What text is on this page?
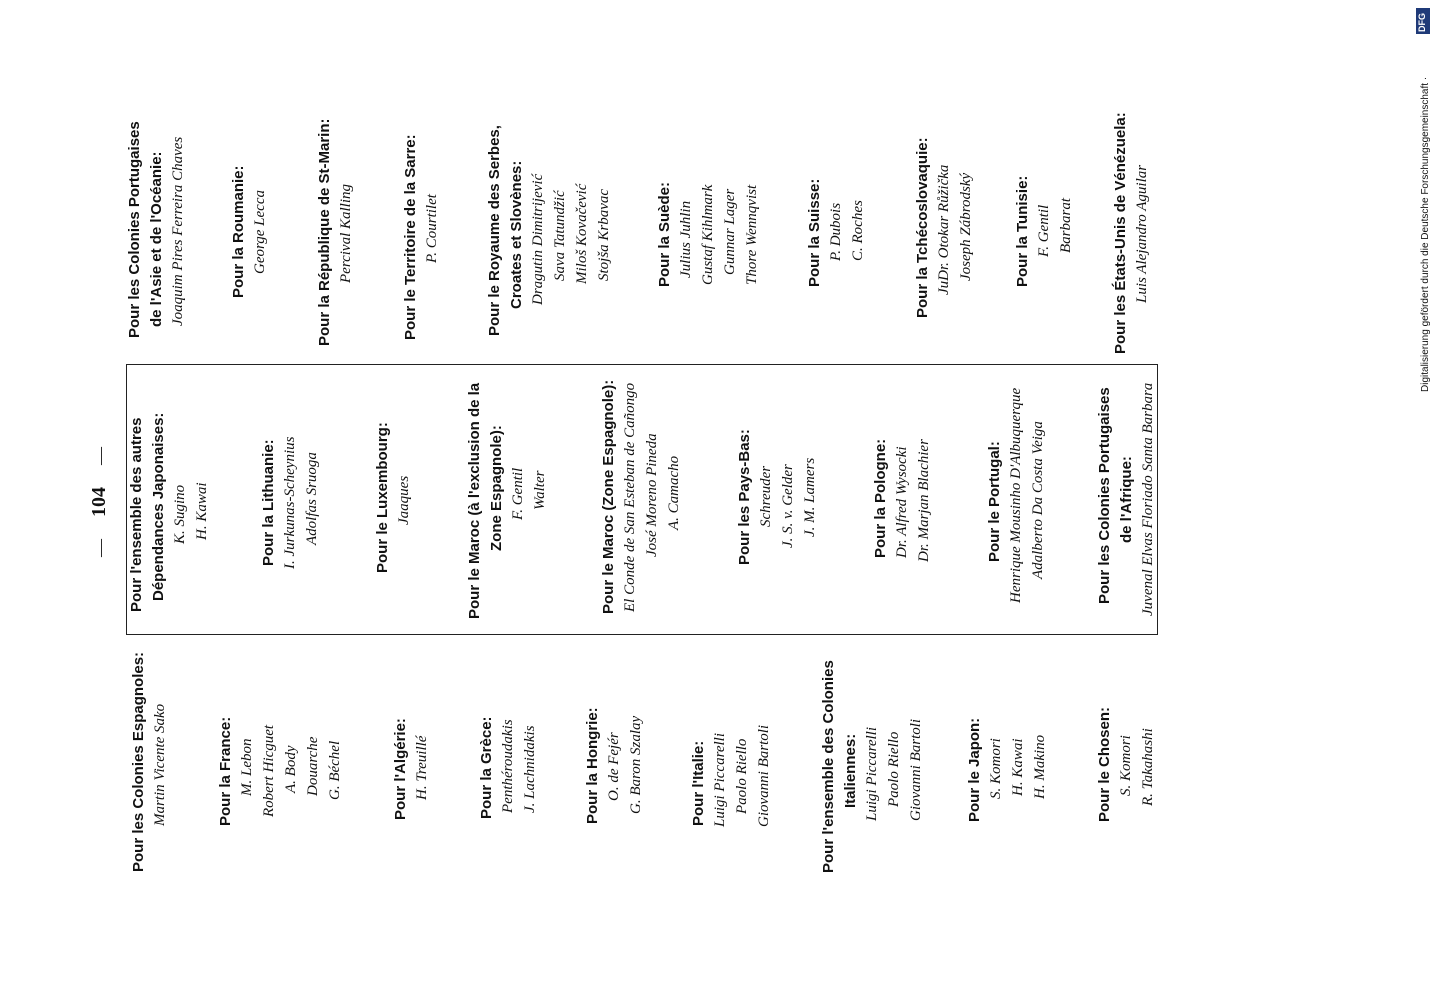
104
—
—
Digitalisierung gefördert durch die Deutsche Forschungsgemeinschaft ·
DFG
Pour les Colonies Espagnoles: Martin Vicente Sako	Pour la France: M. Lebon Robert Hicguet A. Body Douarche G. Béchel	Pour l'Algérie: H. Treuillé	Pour la Grèce: Penthéroudakis J. Lachnidakis	Pour la Hongrie: O. de Fejér G. Baron Szalay	Pour l'Italie: Luigi Piccarelli Paolo Riello Giovanni Bartoli	Pour l'ensemble des Colonies Italiennes: Luigi Piccarelli Paolo Riello Giovanni Bartoli	Pour le Japon: S. Komori H. Kawai H. Makino	Pour le Chosen: S. Komori R. Takahashi
Pour l'ensemble des autres Dépendances Japonaises: K. Sugino H. Kawai	Pour la Lithuanie: I. Jurkunas-Scheynius Adolfas Sruoga	Pour le Luxembourg: Jaaques	Pour le Maroc (à l'exclusion de la Zone Espagnole): F. Gentil Walter	Pour le Maroc (Zone Espagnole): El Conde de San Esteban de Cañongo José Moreno Pineda A. Camacho	Pour les Pays-Bas: Schreuder J. S. v. Gelder J. M. Lamers	Pour la Pologne: Dr. Alfred Wysocki Dr. Marjan Blachier	Pour le Portugal: Henrique Mousinho D'Albuquerque Adalberto Da Costa Veiga	Pour les Colonies Portugaises de l'Afrique: Juvenal Elvas Floriado Santa Barbara
Pour les Colonies Portugaises de l'Asie et de l'Océanie: Joaquim Pires Ferreira Chaves	Pour la Roumanie: George Lecca	Pour la République de St-Marin: Percival Kalling	Pour le Territoire de la Sarre: P. Courtilet	Pour le Royaume des Serbes, Croates et Slovènes: Dragutin Dimitrijević Sava Tatundžić Miloš Kovačević Stojša Krbavac	Pour la Suède: Julius Juhlin Gustaf Kihlmark Gunnar Lager Thore Wennqvist	Pour la Suisse: P. Dubois C. Roches	Pour la Tchécoslovaquie: JuDr. Otokar Růžička Joseph Zábrodský	Pour la Tunisie: F. Gentil Barbarat	Pour les États-Unis de Vénézuela: Luis Alejandro Aguilar
